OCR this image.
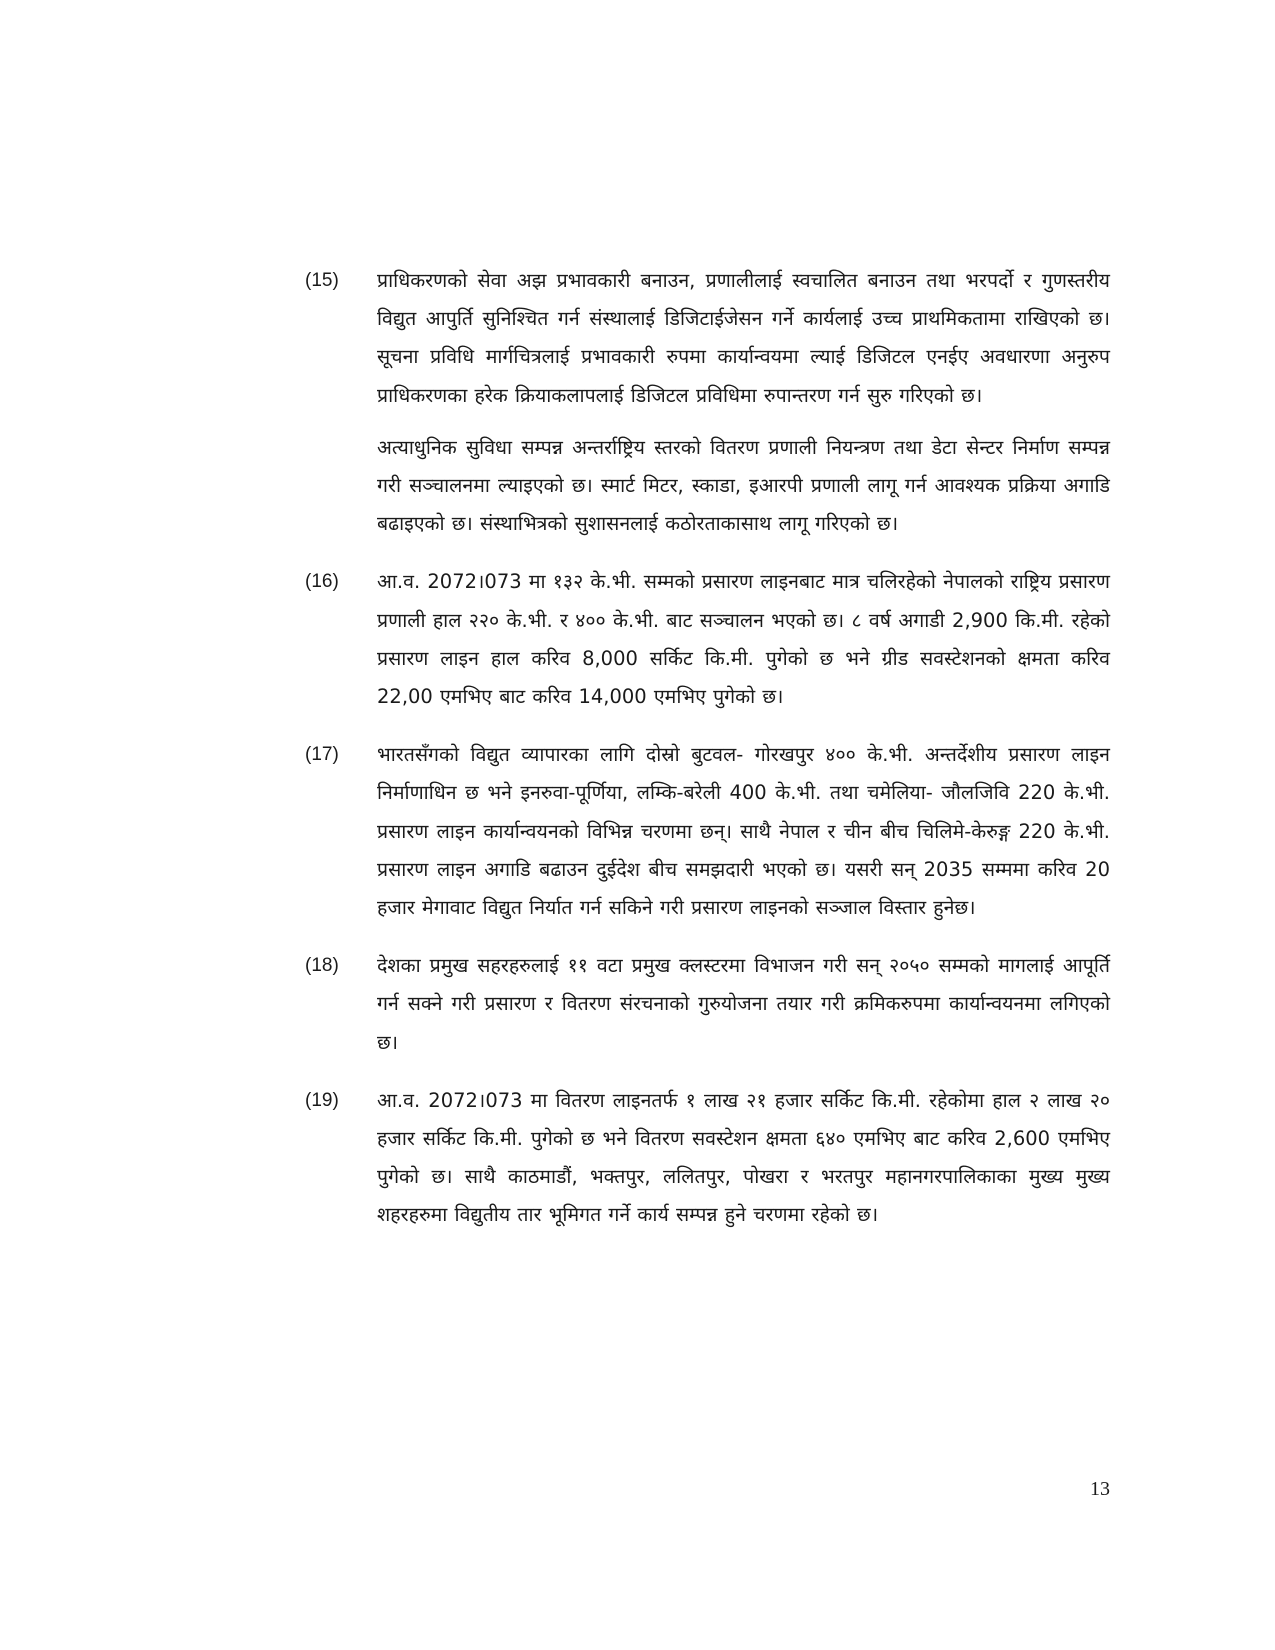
(15)	प्राधिकरणको सेवा अझ प्रभावकारी बनाउन, प्रणालीलाई स्वचालित बनाउन तथा भरपर्दो र गुणस्तरीय विद्युत आपुर्ति सुनिश्चित गर्न संस्थालाई डिजिटाईजेसन गर्ने कार्यलाई उच्च प्राथमिकतामा राखिएको छ। सूचना प्रविधि मार्गचित्रलाई प्रभावकारी रुपमा कार्यान्वयमा ल्याई डिजिटल एनईए अवधारणा अनुरुप प्राधिकरणका हरेक क्रियाकलापलाई डिजिटल प्रविधिमा रुपान्तरण गर्न सुरु गरिएको छ।

अत्याधुनिक सुविधा सम्पन्न अन्तर्राष्ट्रिय स्तरको वितरण प्रणाली नियन्त्रण तथा डेटा सेन्टर निर्माण सम्पन्न गरी सञ्चालनमा ल्याइएको छ। स्मार्ट मिटर, स्काडा, इआरपी प्रणाली लागू गर्न आवश्यक प्रक्रिया अगाडि बढाइएको छ। संस्थाभित्रको सुशासनलाई कठोरताकासाथ लागू गरिएको छ।

(16)	आ.व. 2072।073 मा १३२ के.भी. सम्मको प्रसारण लाइनबाट मात्र चलिरहेको नेपालको राष्ट्रिय प्रसारण प्रणाली हाल २२० के.भी. र ४०० के.भी. बाट सञ्चालन भएको छ। ८ वर्ष अगाडी 2,900 कि.मी. रहेको प्रसारण लाइन हाल करिव 8,000 सर्किट कि.मी. पुगेको छ भने ग्रीड सवस्टेशनको क्षमता करिव 22,00 एमभिए बाट करिव 14,000 एमभिए पुगेको छ।

(17)	भारतसँगको विद्युत व्यापारका लागि दोस्रो बुटवल- गोरखपुर ४०० के.भी. अन्तर्देशीय प्रसारण लाइन निर्माणाधिन छ भने इनरुवा-पूर्णिया, लम्कि-बरेली 400 के.भी. तथा चमेलिया- जौलजिवि 220 के.भी. प्रसारण लाइन कार्यान्वयनको विभिन्न चरणमा छन्। साथै नेपाल र चीन बीच चिलिमे-केरुङ्ग 220 के.भी. प्रसारण लाइन अगाडि बढाउन दुईदेश बीच समझदारी भएको छ। यसरी सन् 2035 सम्ममा करिव 20 हजार मेगावाट विद्युत निर्यात गर्न सकिने गरी प्रसारण लाइनको सञ्जाल विस्तार हुनेछ।

(18)	देशका प्रमुख सहरहरुलाई ११ वटा प्रमुख क्लस्टरमा विभाजन गरी सन् २०५० सम्मको मागलाई आपूर्ति गर्न सक्ने गरी प्रसारण र वितरण संरचनाको गुरुयोजना तयार गरी क्रमिकरुपमा कार्यान्वयनमा लगिएको छ।

(19)	आ.व. 2072।073 मा वितरण लाइनतर्फ १ लाख २१ हजार सर्किट कि.मी. रहेकोमा हाल २ लाख २० हजार सर्किट कि.मी. पुगेको छ भने वितरण सवस्टेशन क्षमता ६४० एमभिए बाट करिव 2,600 एमभिए पुगेको छ। साथै काठमाडौं, भक्तपुर, ललितपुर, पोखरा र भरतपुर महानगरपालिकाका मुख्य मुख्य शहरहरुमा विद्युतीय तार भूमिगत गर्ने कार्य सम्पन्न हुने चरणमा रहेको छ।

13
